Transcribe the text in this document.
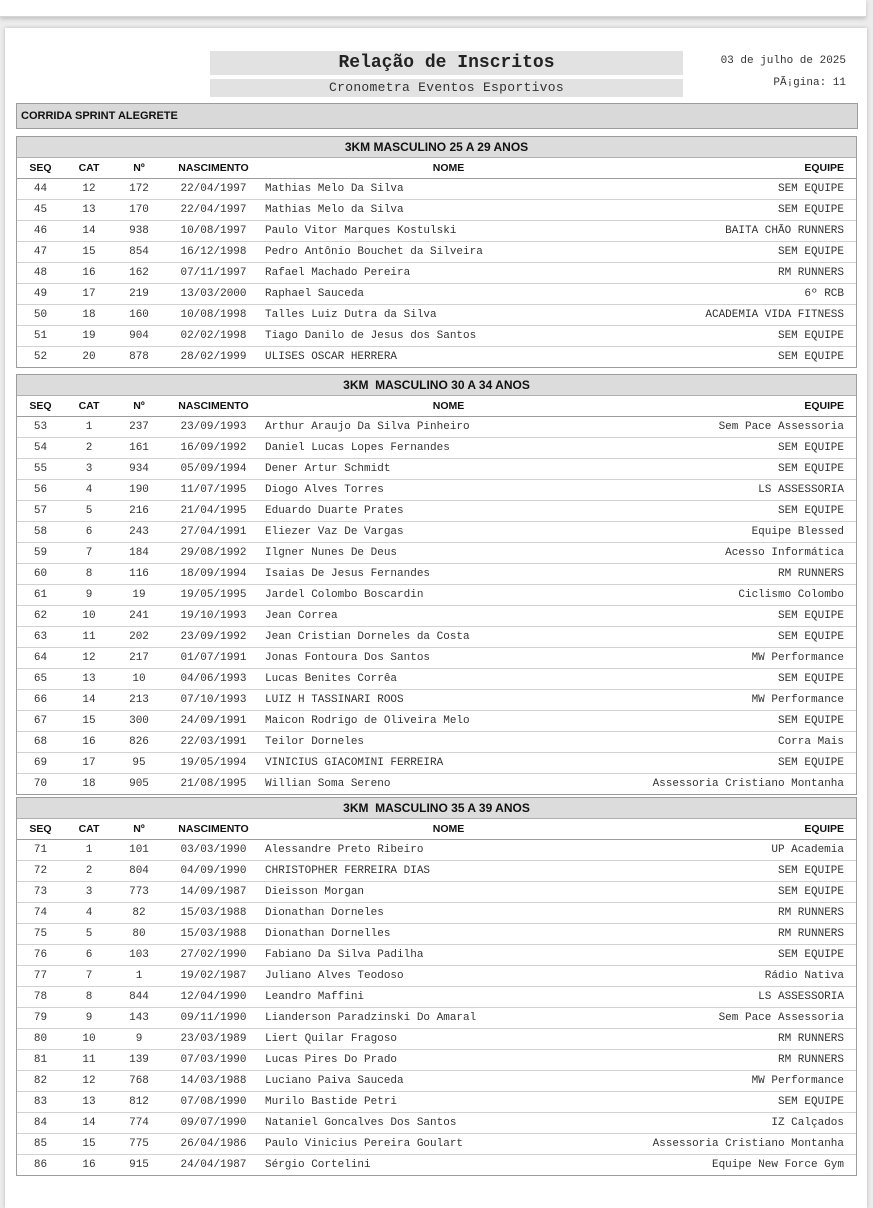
Relação de Inscritos
Cronometra Eventos Esportivos
03 de julho de 2025
PÃ¡gina: 11
CORRIDA SPRINT ALEGRETE
3KM MASCULINO 25 A 29 ANOS
SEQ	CAT	Nº	NASCIMENTO	NOME	EQUIPE
44	12	172	22/04/1997	Mathias Melo Da Silva	SEM EQUIPE
45	13	170	22/04/1997	Mathias Melo da Silva	SEM EQUIPE
46	14	938	10/08/1997	Paulo Vitor Marques Kostulski	BAITA CHÃO RUNNERS
47	15	854	16/12/1998	Pedro Antônio Bouchet da Silveira	SEM EQUIPE
48	16	162	07/11/1997	Rafael Machado Pereira	RM RUNNERS
49	17	219	13/03/2000	Raphael Sauceda	6º RCB
50	18	160	10/08/1998	Talles Luiz Dutra da Silva	ACADEMIA VIDA FITNESS
51	19	904	02/02/1998	Tiago Danilo de Jesus dos Santos	SEM EQUIPE
52	20	878	28/02/1999	ULISES OSCAR HERRERA	SEM EQUIPE
3KM  MASCULINO 30 A 34 ANOS
SEQ	CAT	Nº	NASCIMENTO	NOME	EQUIPE
53	1	237	23/09/1993	Arthur Araujo Da Silva Pinheiro	Sem Pace Assessoria
54	2	161	16/09/1992	Daniel Lucas Lopes Fernandes	SEM EQUIPE
55	3	934	05/09/1994	Dener Artur Schmidt	SEM EQUIPE
56	4	190	11/07/1995	Diogo Alves Torres	LS ASSESSORIA
57	5	216	21/04/1995	Eduardo Duarte Prates	SEM EQUIPE
58	6	243	27/04/1991	Eliezer Vaz De Vargas	Equipe Blessed
59	7	184	29/08/1992	Ilgner Nunes De Deus	Acesso Informática
60	8	116	18/09/1994	Isaias De Jesus Fernandes	RM RUNNERS
61	9	19	19/05/1995	Jardel Colombo Boscardin	Ciclismo Colombo
62	10	241	19/10/1993	Jean Correa	SEM EQUIPE
63	11	202	23/09/1992	Jean Cristian Dorneles da Costa	SEM EQUIPE
64	12	217	01/07/1991	Jonas Fontoura Dos Santos	MW Performance
65	13	10	04/06/1993	Lucas Benites Corrêa	SEM EQUIPE
66	14	213	07/10/1993	LUIZ H TASSINARI ROOS	MW Performance
67	15	300	24/09/1991	Maicon Rodrigo de Oliveira Melo	SEM EQUIPE
68	16	826	22/03/1991	Teilor Dorneles	Corra Mais
69	17	95	19/05/1994	VINICIUS GIACOMINI FERREIRA	SEM EQUIPE
70	18	905	21/08/1995	Willian Soma Sereno	Assessoria Cristiano Montanha
3KM  MASCULINO 35 A 39 ANOS
SEQ	CAT	Nº	NASCIMENTO	NOME	EQUIPE
71	1	101	03/03/1990	Alessandre Preto Ribeiro	UP Academia
72	2	804	04/09/1990	CHRISTOPHER FERREIRA DIAS	SEM EQUIPE
73	3	773	14/09/1987	Dieisson Morgan	SEM EQUIPE
74	4	82	15/03/1988	Dionathan Dorneles	RM RUNNERS
75	5	80	15/03/1988	Dionathan Dornelles	RM RUNNERS
76	6	103	27/02/1990	Fabiano Da Silva Padilha	SEM EQUIPE
77	7	1	19/02/1987	Juliano Alves Teodoso	Rádio Nativa
78	8	844	12/04/1990	Leandro Maffini	LS ASSESSORIA
79	9	143	09/11/1990	Lianderson Paradzinski Do Amaral	Sem Pace Assessoria
80	10	9	23/03/1989	Liert Quilar Fragoso	RM RUNNERS
81	11	139	07/03/1990	Lucas Pires Do Prado	RM RUNNERS
82	12	768	14/03/1988	Luciano Paiva Sauceda	MW Performance
83	13	812	07/08/1990	Murilo Bastide Petri	SEM EQUIPE
84	14	774	09/07/1990	Nataniel Goncalves Dos Santos	IZ Calçados
85	15	775	26/04/1986	Paulo Vinicius Pereira Goulart	Assessoria Cristiano Montanha
86	16	915	24/04/1987	Sérgio Cortelini	Equipe New Force Gym
